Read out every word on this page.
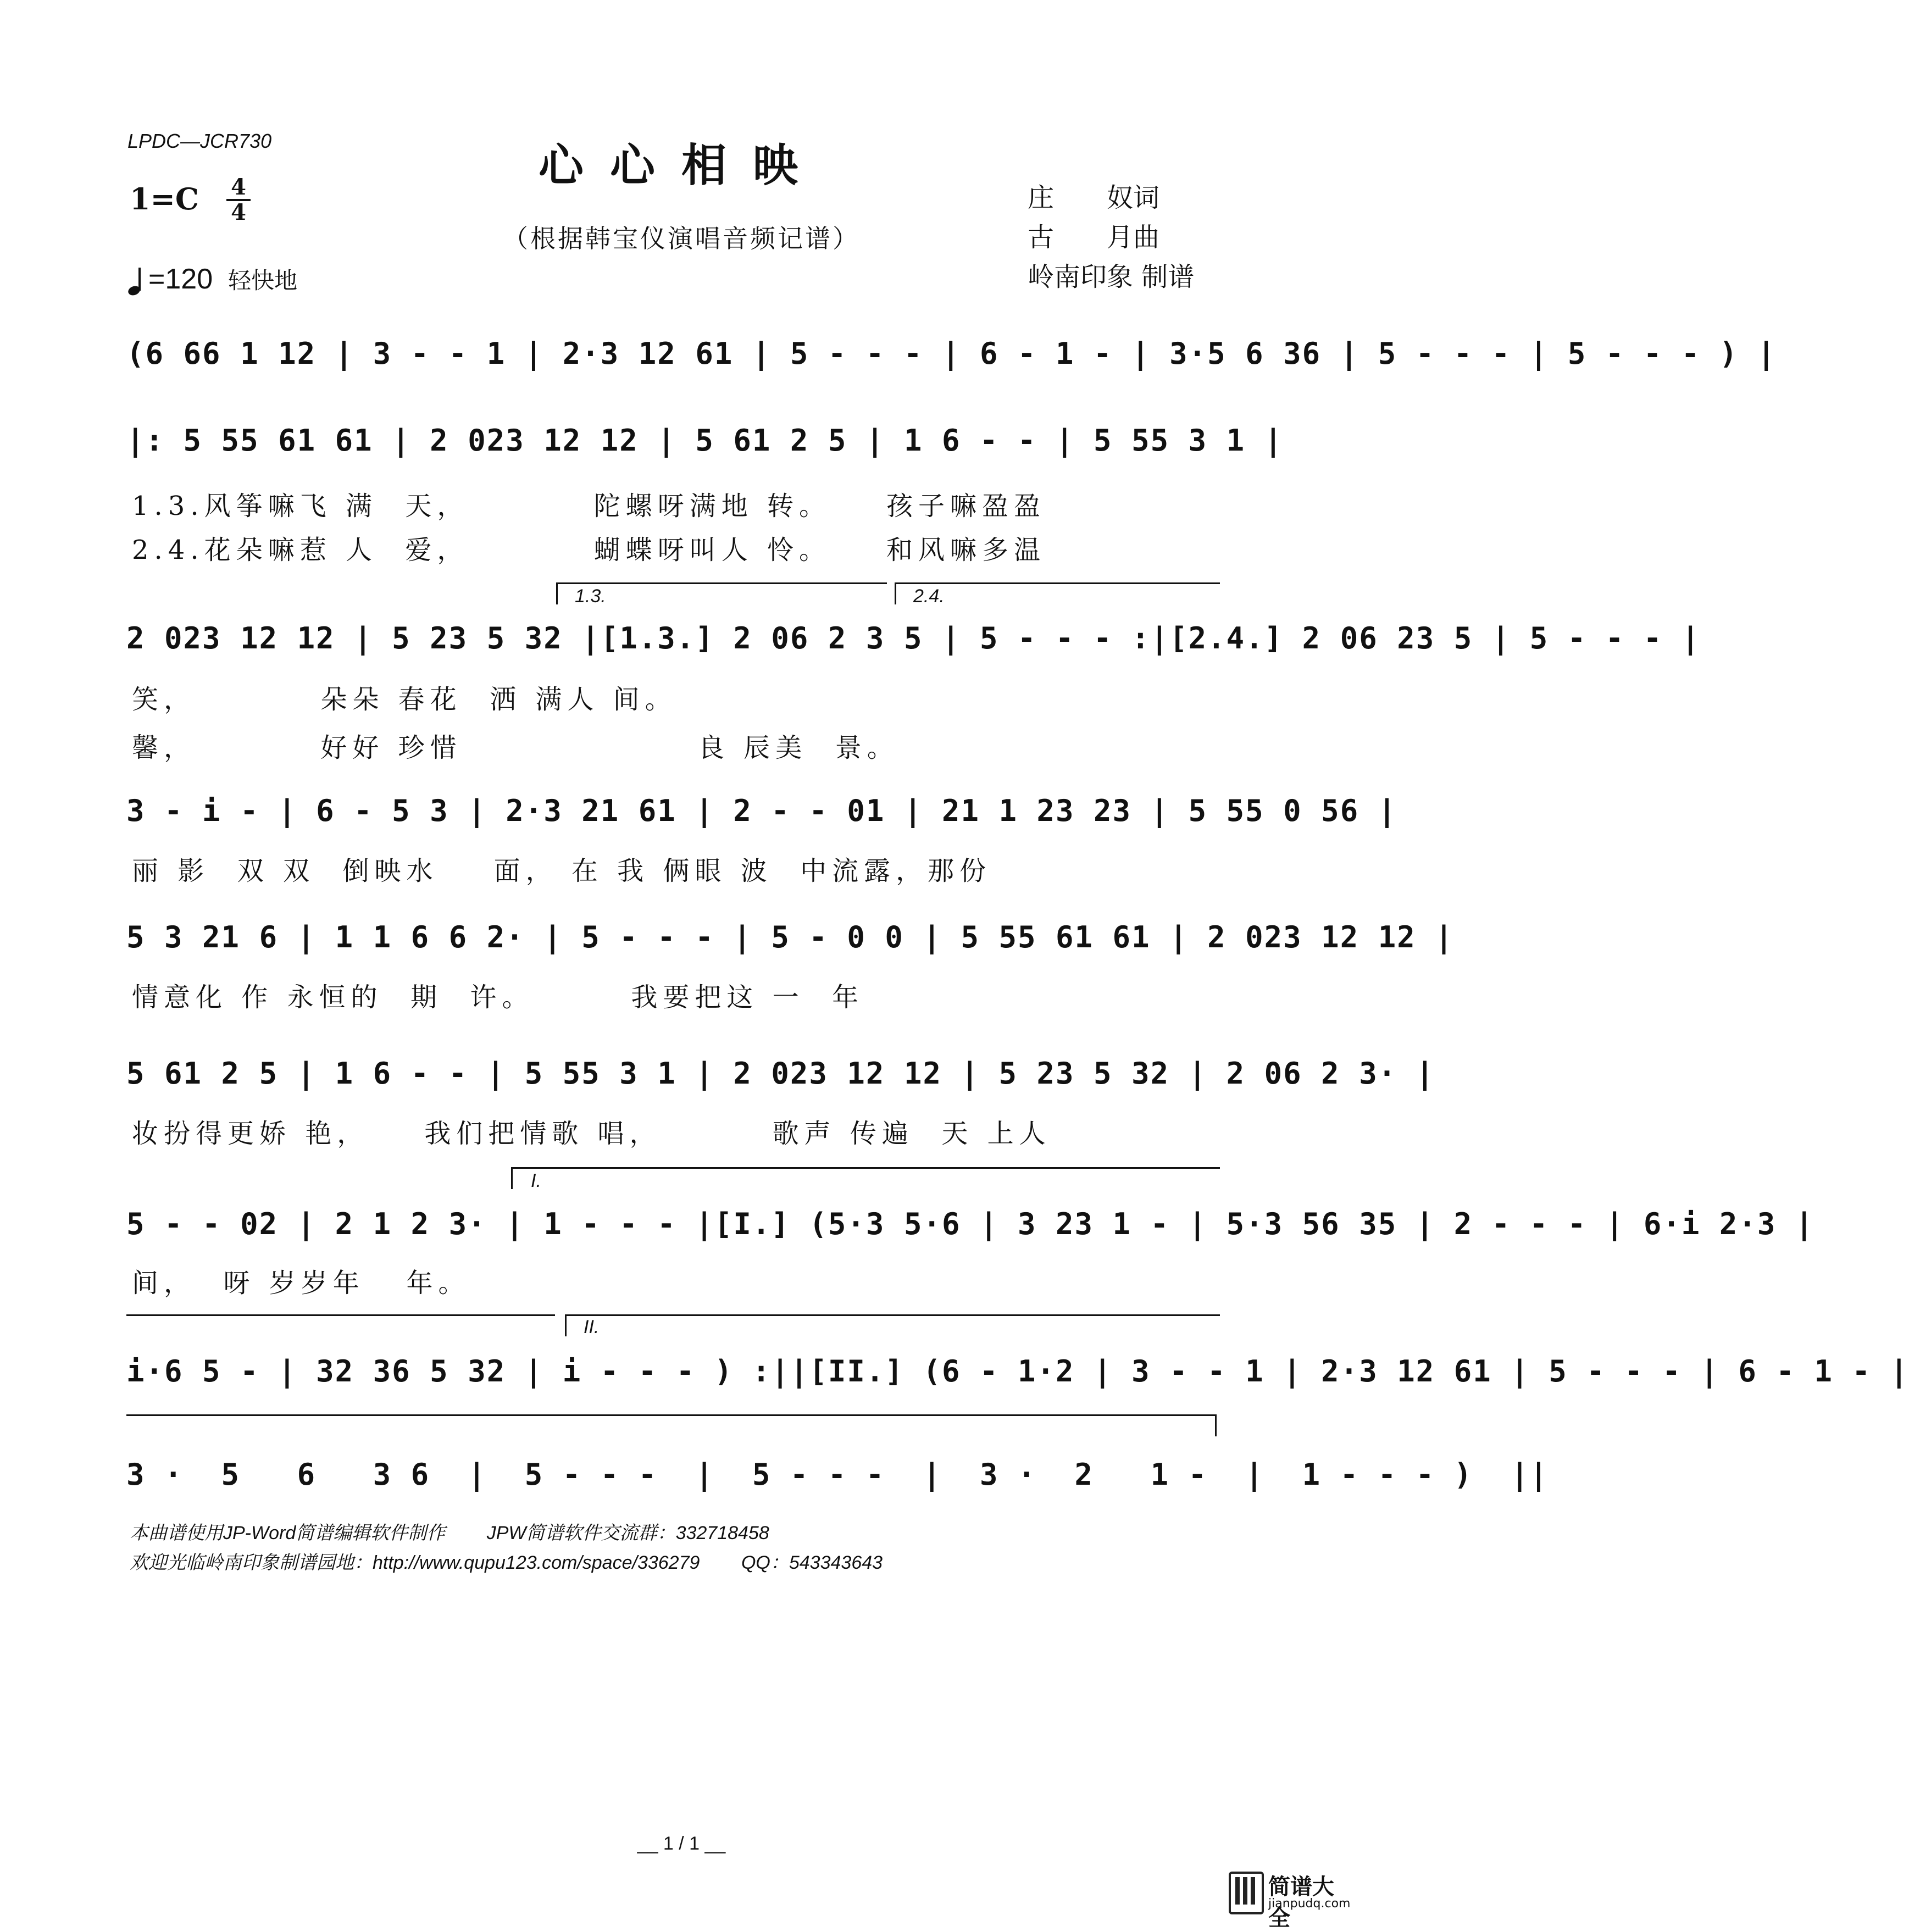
LPDC—JCR730	心心相映
1=C 4
4
（根据韩宝仪演唱音频记谱）
庄　　奴词
古　　月曲
岭南印象 制谱
=120 轻快地
(6 66 1 12 | 3 - - 1 | 2·3 12 61 | 5 - - - | 6 - 1 - | 3·5 6 36 | 5 - - - | 5 - - - ) |
|: 5 55 61 61 | 2 023 12 12 | 5 61 2 5 | 1 6 - - | 5 55 3 1 |
1.3.风筝嘛飞 满  天，         陀螺呀满地 转。    孩子嘛盈盈
2.4.花朵嘛惹 人  爱，         蝴蝶呀叫人 怜。    和风嘛多温
1.3.	2.4.
2 023 12 12 | 5 23 5 32 |[1.3.] 2 06 2 3 5 | 5 - - - :|[2.4.] 2 06 23 5 | 5 - - - |
笑，         朵朵 春花  洒 满人 间。
馨，         好好 珍惜                 良 辰美  景。
3 - i - | 6 - 5 3 | 2·3 21 61 | 2 - - 01 | 21 1 23 23 | 5 55 0 56 |
丽 影  双 双  倒映水    面， 在 我 俩眼 波  中流露，那份
5 3 21 6 | 1 1 6 6 2· | 5 - - - | 5 - 0 0 | 5 55 61 61 | 2 023 12 12 |
情意化 作 永恒的  期  许。       我要把这 一  年
5 61 2 5 | 1 6 - - | 5 55 3 1 | 2 023 12 12 | 5 23 5 32 | 2 06 2 3· |
妆扮得更娇 艳，    我们把情歌 唱，        歌声 传遍  天 上人
I.
5 - - 02 | 2 1 2 3· | 1 - - - |[I.] (5·3 5·6 | 3 23 1 - | 5·3 56 35 | 2 - - - | 6·i 2·3 |
间，  呀 岁岁年   年。
II.
i·6 5 - | 32 36 5 32 | i - - - ) :||[II.] (6 - 1·2 | 3 - - 1 | 2·3 12 61 | 5 - - - | 6 - 1 - |
3 ·  5   6   3 6  |  5 - - -  |  5 - - -  |  3 ·  2   1 -  |  1 - - - )  ||
本曲谱使用JP-Word简谱编辑软件制作        JPW简谱软件交流群：332718458
欢迎光临岭南印象制谱园地：http://www.qupu123.com/space/336279        QQ：543343643
__ 1 / 1 __
简谱大全
jianpudq.com
